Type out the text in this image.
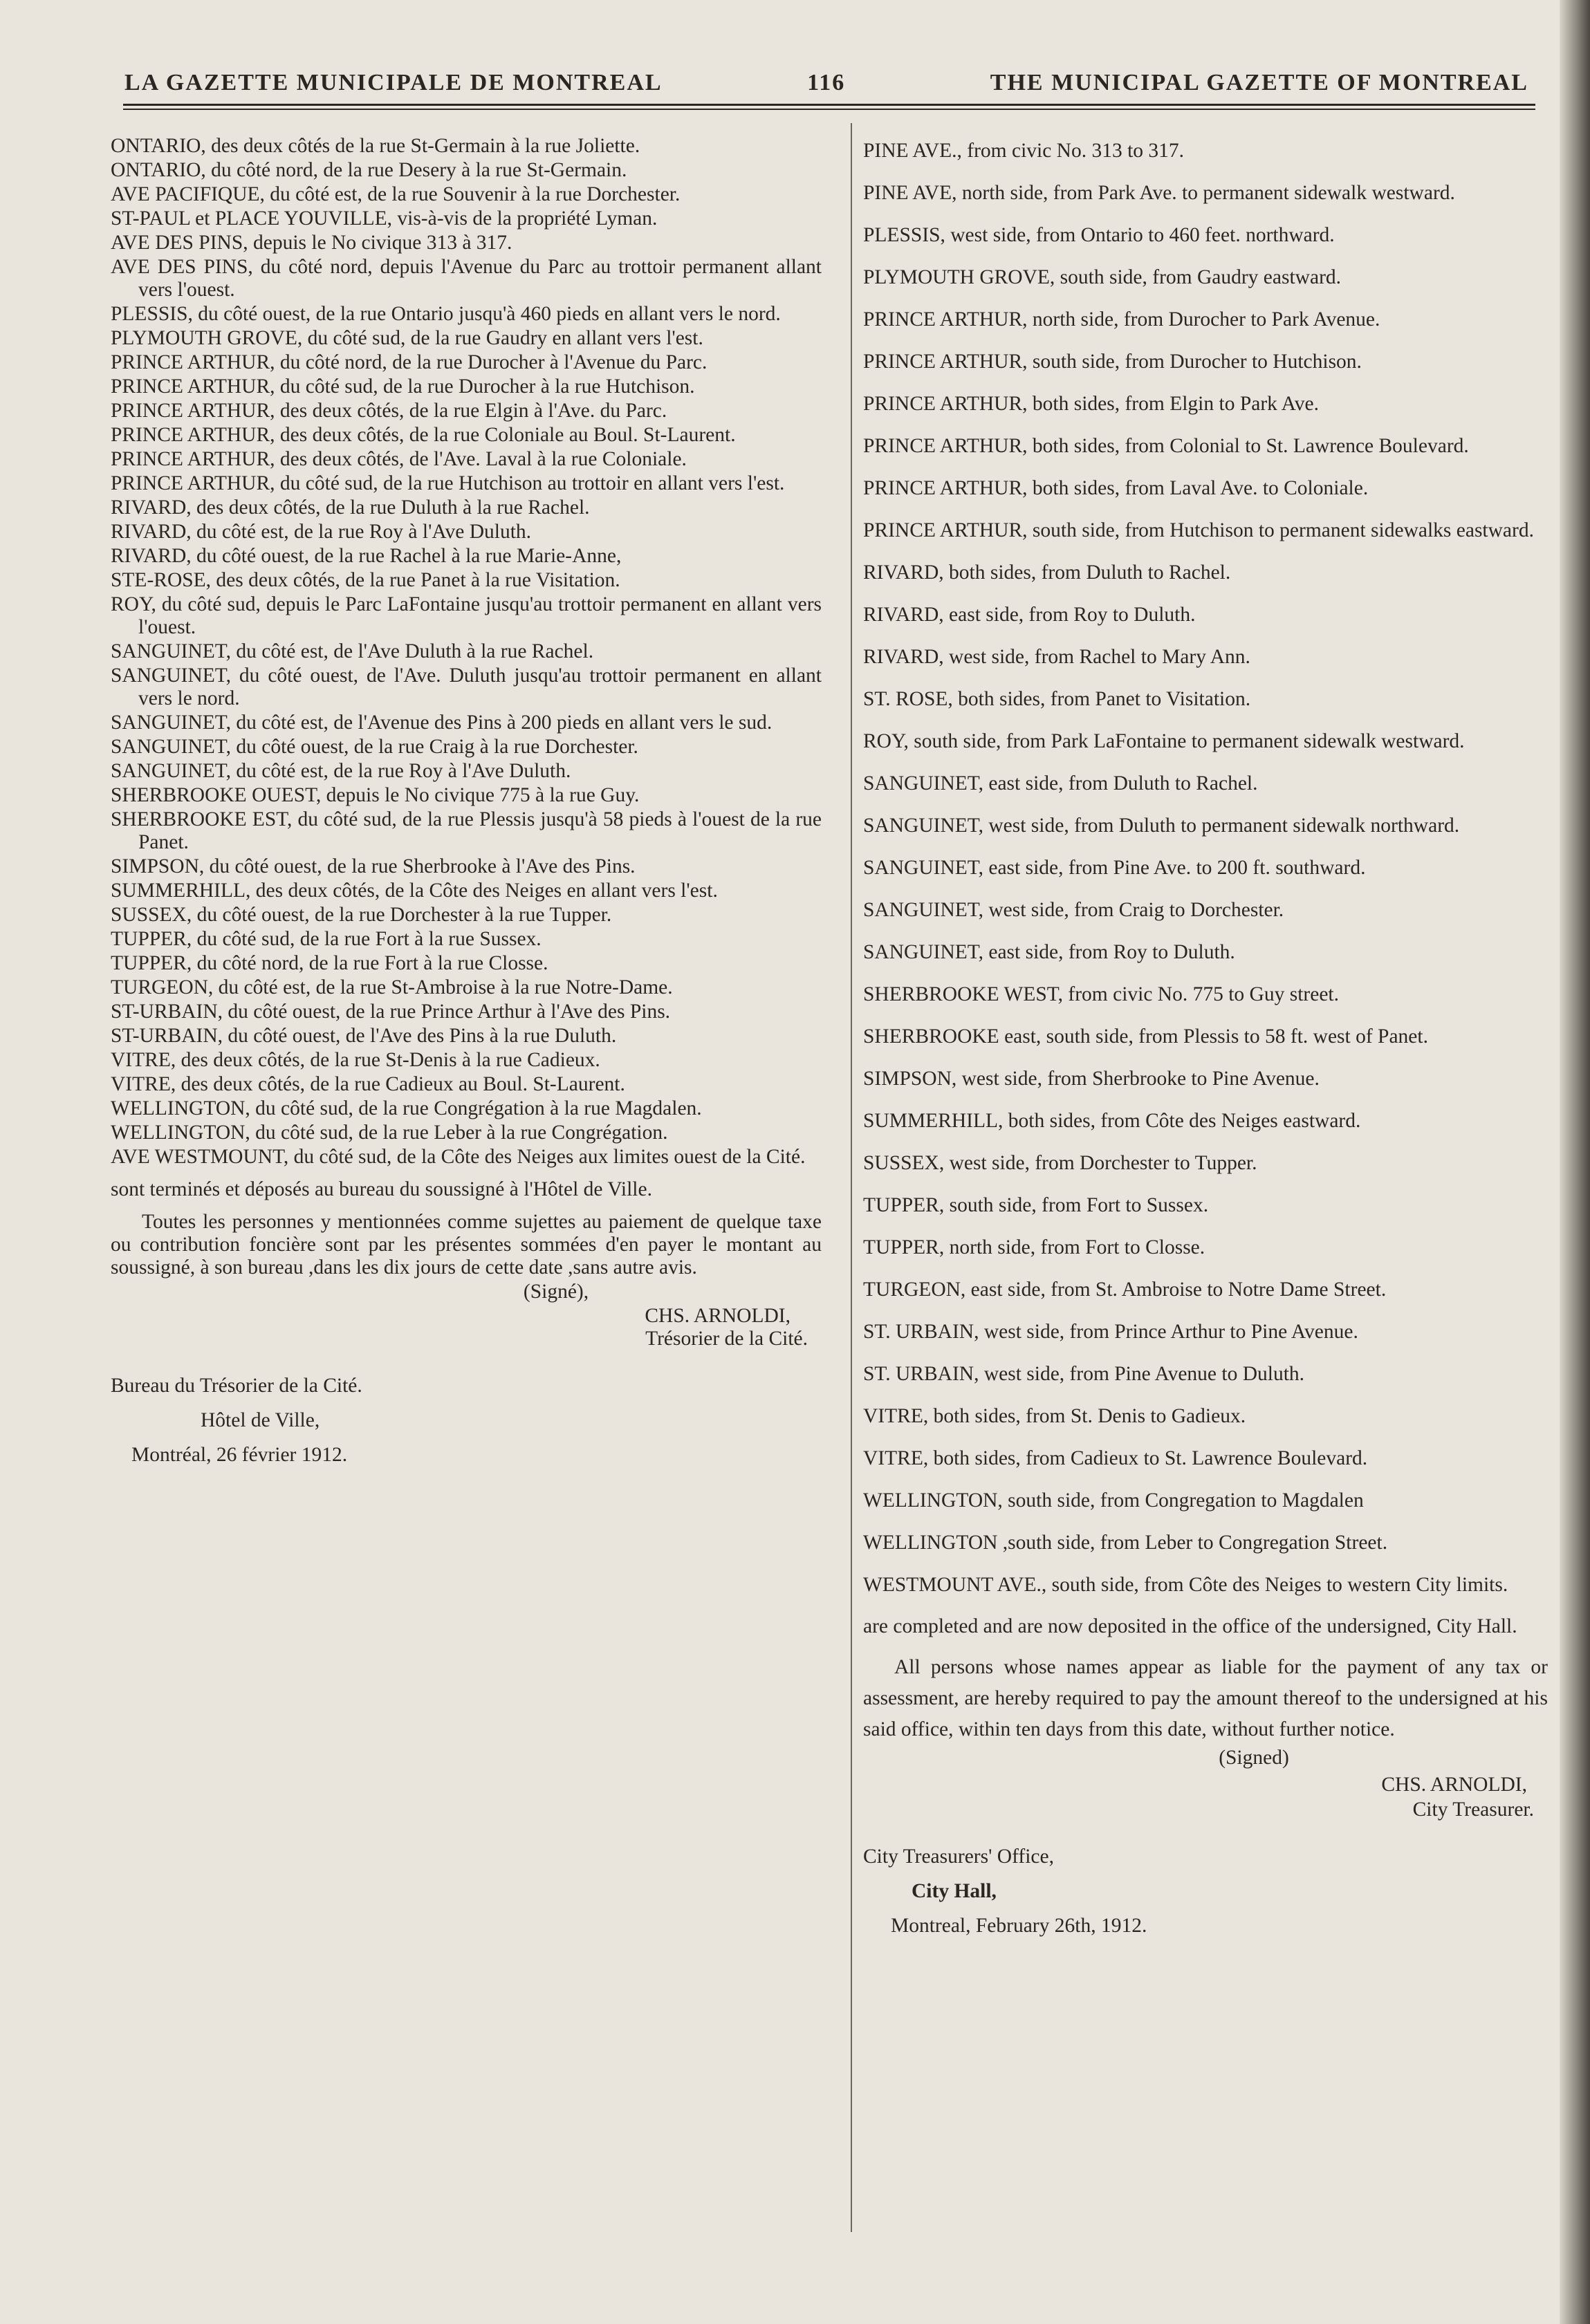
LA GAZETTE MUNICIPALE DE MONTREAL	116	THE MUNICIPAL GAZETTE OF MONTREAL
ONTARIO, des deux côtés de la rue St-Germain à la rue Joliette.
ONTARIO, du côté nord, de la rue Desery à la rue St-Germain.
AVE PACIFIQUE, du côté est, de la rue Souvenir à la rue Dorchester.
ST-PAUL et PLACE YOUVILLE, vis-à-vis de la propriété Lyman.
AVE DES PINS, depuis le No civique 313 à 317.
AVE DES PINS, du côté nord, depuis l'Avenue du Parc au trottoir permanent allant vers l'ouest.
PLESSIS, du côté ouest, de la rue Ontario jusqu'à 460 pieds en allant vers le nord.
PLYMOUTH GROVE, du côté sud, de la rue Gaudry en allant vers l'est.
PRINCE ARTHUR, du côté nord, de la rue Durocher à l'Avenue du Parc.
PRINCE ARTHUR, du côté sud, de la rue Durocher à la rue Hutchison.
PRINCE ARTHUR, des deux côtés, de la rue Elgin à l'Ave. du Parc.
PRINCE ARTHUR, des deux côtés, de la rue Coloniale au Boul. St-Laurent.
PRINCE ARTHUR, des deux côtés, de l'Ave. Laval à la rue Coloniale.
PRINCE ARTHUR, du côté sud, de la rue Hutchison au trottoir en allant vers l'est.
RIVARD, des deux côtés, de la rue Duluth à la rue Rachel.
RIVARD, du côté est, de la rue Roy à l'Ave Duluth.
RIVARD, du côté ouest, de la rue Rachel à la rue Marie-Anne,
STE-ROSE, des deux côtés, de la rue Panet à la rue Visitation.
ROY, du côté sud, depuis le Parc LaFontaine jusqu'au trottoir permanent en allant vers l'ouest.
SANGUINET, du côté est, de l'Ave Duluth à la rue Rachel.
SANGUINET, du côté ouest, de l'Ave. Duluth jusqu'au trottoir permanent en allant vers le nord.
SANGUINET, du côté est, de l'Avenue des Pins à 200 pieds en allant vers le sud.
SANGUINET, du côté ouest, de la rue Craig à la rue Dorchester.
SANGUINET, du côté est, de la rue Roy à l'Ave Duluth.
SHERBROOKE OUEST, depuis le No civique 775 à la rue Guy.
SHERBROOKE EST, du côté sud, de la rue Plessis jusqu'à 58 pieds à l'ouest de la rue Panet.
SIMPSON, du côté ouest, de la rue Sherbrooke à l'Ave des Pins.
SUMMERHILL, des deux côtés, de la Côte des Neiges en allant vers l'est.
SUSSEX, du côté ouest, de la rue Dorchester à la rue Tupper.
TUPPER, du côté sud, de la rue Fort à la rue Sussex.
TUPPER, du côté nord, de la rue Fort à la rue Closse.
TURGEON, du côté est, de la rue St-Ambroise à la rue Notre-Dame.
ST-URBAIN, du côté ouest, de la rue Prince Arthur à l'Ave des Pins.
ST-URBAIN, du côté ouest, de l'Ave des Pins à la rue Duluth.
VITRE, des deux côtés, de la rue St-Denis à la rue Cadieux.
VITRE, des deux côtés, de la rue Cadieux au Boul. St-Laurent.
WELLINGTON, du côté sud, de la rue Congrégation à la rue Magdalen.
WELLINGTON, du côté sud, de la rue Leber à la rue Congrégation.
AVE WESTMOUNT, du côté sud, de la Côte des Neiges aux limites ouest de la Cité.
sont terminés et déposés au bureau du soussigné à l'Hôtel de Ville.
Toutes les personnes y mentionnées comme sujettes au paiement de quelque taxe ou contribution foncière sont par les présentes sommées d'en payer le montant au soussigné, à son bureau ,dans les dix jours de cette date ,sans autre avis.
(Signé),
CHS. ARNOLDI,
Trésorier de la Cité.
Bureau du Trésorier de la Cité.
Hôtel de Ville,
Montréal, 26 février 1912.
PINE AVE., from civic No. 313 to 317.
PINE AVE, north side, from Park Ave. to permanent sidewalk westward.
PLESSIS, west side, from Ontario to 460 feet. northward.
PLYMOUTH GROVE, south side, from Gaudry eastward.
PRINCE ARTHUR, north side, from Durocher to Park Avenue.
PRINCE ARTHUR, south side, from Durocher to Hutchison.
PRINCE ARTHUR, both sides, from Elgin to Park Ave.
PRINCE ARTHUR, both sides, from Colonial to St. Lawrence Boulevard.
PRINCE ARTHUR, both sides, from Laval Ave. to Coloniale.
PRINCE ARTHUR, south side, from Hutchison to permanent sidewalks eastward.
RIVARD, both sides, from Duluth to Rachel.
RIVARD, east side, from Roy to Duluth.
RIVARD, west side, from Rachel to Mary Ann.
ST. ROSE, both sides, from Panet to Visitation.
ROY, south side, from Park LaFontaine to permanent sidewalk westward.
SANGUINET, east side, from Duluth to Rachel.
SANGUINET, west side, from Duluth to permanent sidewalk northward.
SANGUINET, east side, from Pine Ave. to 200 ft. southward.
SANGUINET, west side, from Craig to Dorchester.
SANGUINET, east side, from Roy to Duluth.
SHERBROOKE WEST, from civic No. 775 to Guy street.
SHERBROOKE east, south side, from Plessis to 58 ft. west of Panet.
SIMPSON, west side, from Sherbrooke to Pine Avenue.
SUMMERHILL, both sides, from Côte des Neiges eastward.
SUSSEX, west side, from Dorchester to Tupper.
TUPPER, south side, from Fort to Sussex.
TUPPER, north side, from Fort to Closse.
TURGEON, east side, from St. Ambroise to Notre Dame Street.
ST. URBAIN, west side, from Prince Arthur to Pine Avenue.
ST. URBAIN, west side, from Pine Avenue to Duluth.
VITRE, both sides, from St. Denis to Gadieux.
VITRE, both sides, from Cadieux to St. Lawrence Boulevard.
WELLINGTON, south side, from Congregation to Magdalen
WELLINGTON ,south side, from Leber to Congregation Street.
WESTMOUNT AVE., south side, from Côte des Neiges to western City limits.
are completed and are now deposited in the office of the undersigned, City Hall.
All persons whose names appear as liable for the payment of any tax or assessment, are hereby required to pay the amount thereof to the undersigned at his said office, within ten days from this date, without further notice.
(Signed)
CHS. ARNOLDI,
City Treasurer.
City Treasurers' Office,
City Hall,
Montreal, February 26th, 1912.
